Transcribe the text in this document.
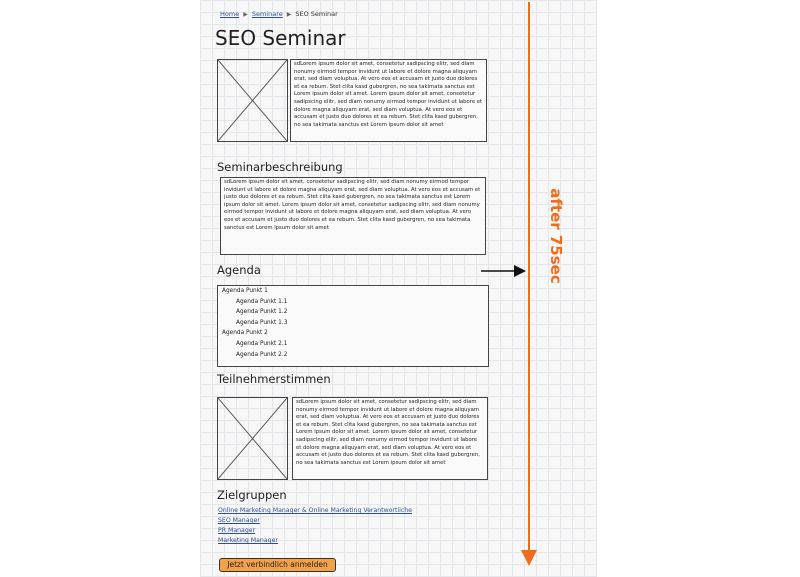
Home ▶ Seminare ▶ SEO Seminar
SEO Seminar
sdLorem ipsum dolor sit amet, consetetur sadipscing elitr, sed diam nonumy eirmod tempor invidunt ut labore et dolore magna aliquyam erat, sed diam voluptua. At vero eos et accusam et justo duo dolores et ea rebum. Stet clita kasd gubergren, no sea takimata sanctus est Lorem ipsum dolor sit amet. Lorem ipsum dolor sit amet, consetetur sadipscing elitr, sed diam nonumy eirmod tempor invidunt ut labore et dolore magna aliquyam erat, sed diam voluptua. At vero eos et accusam et justo duo dolores et ea rebum. Stet clita kasd gubergren, no sea takimata sanctus est Lorem ipsum dolor sit amet
Seminarbeschreibung
sdLorem ipsum dolor sit amet, consetetur sadipscing elitr, sed diam nonumy eirmod tempor invidunt ut labore et dolore magna aliquyam erat, sed diam voluptua. At vero eos et accusam et justo duo dolores et ea rebum. Stet clita kasd gubergren, no sea takimata sanctus est Lorem ipsum dolor sit amet. Lorem ipsum dolor sit amet, consetetur sadipscing elitr, sed diam nonumy eirmod tempor invidunt ut labore et dolore magna aliquyam erat, sed diam voluptua. At vero eos et accusam et justo duo dolores et ea rebum. Stet clita kasd gubergren, no sea takimata sanctus est Lorem ipsum dolor sit amet
Agenda
Agenda Punkt 1
Agenda Punkt 1.1
Agenda Punkt 1.2
Agenda Punkt 1.3
Agenda Punkt 2
Agenda Punkt 2.1
Agenda Punkt 2.2
Teilnehmerstimmen
sdLorem ipsum dolor sit amet, consetetur sadipscing elitr, sed diam nonumy eirmod tempor invidunt ut labore et dolore magna aliquyam erat, sed diam voluptua. At vero eos et accusam et justo duo dolores et ea rebum. Stet clita kasd gubergren, no sea takimata sanctus est Lorem ipsum dolor sit amet. Lorem ipsum dolor sit amet, consetetur sadipscing elitr, sed diam nonumy eirmod tempor invidunt ut labore et dolore magna aliquyam erat, sed diam voluptua. At vero eos et accusam et justo duo dolores et ea rebum. Stet clita kasd gubergren, no sea takimata sanctus est Lorem ipsum dolor sit amet
Zielgruppen
Online Marketing Manager & Online Marketing Verantwortliche
SEO Manager
PR Manager
Marketing Manager
Jetzt verbindlich anmelden
after 75sec
